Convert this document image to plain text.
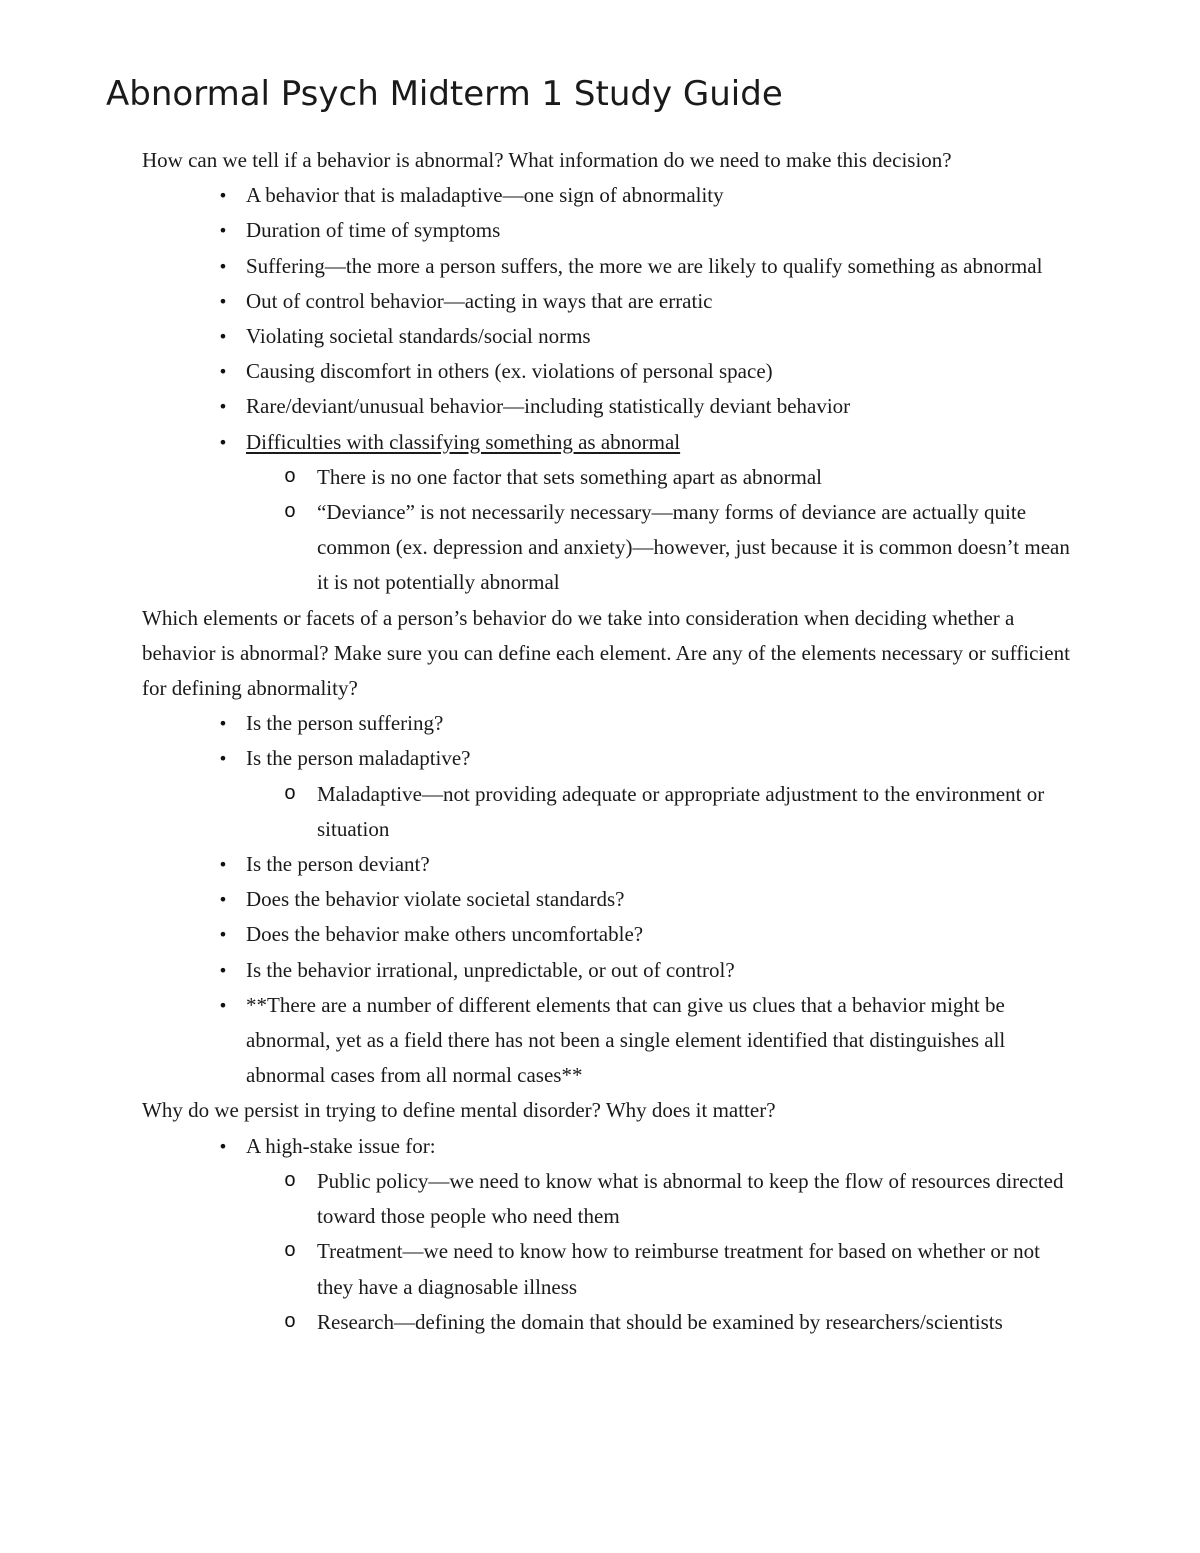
Abnormal Psych Midterm 1 Study Guide

How can we tell if a behavior is abnormal? What information do we need to make this decision?

• A behavior that is maladaptive—one sign of abnormality
• Duration of time of symptoms
• Suffering—the more a person suffers, the more we are likely to qualify something as abnormal
• Out of control behavior—acting in ways that are erratic
• Violating societal standards/social norms
• Causing discomfort in others (ex. violations of personal space)
• Rare/deviant/unusual behavior—including statistically deviant behavior
• Difficulties with classifying something as abnormal
o There is no one factor that sets something apart as abnormal
o “Deviance” is not necessarily necessary—many forms of deviance are actually quite common (ex. depression and anxiety)—however, just because it is common doesn’t mean it is not potentially abnormal

Which elements or facets of a person’s behavior do we take into consideration when deciding whether a behavior is abnormal? Make sure you can define each element. Are any of the elements necessary or sufficient for defining abnormality?

• Is the person suffering?
• Is the person maladaptive?
o Maladaptive—not providing adequate or appropriate adjustment to the environment or situation
• Is the person deviant?
• Does the behavior violate societal standards?
• Does the behavior make others uncomfortable?
• Is the behavior irrational, unpredictable, or out of control?
• **There are a number of different elements that can give us clues that a behavior might be abnormal, yet as a field there has not been a single element identified that distinguishes all abnormal cases from all normal cases**

Why do we persist in trying to define mental disorder? Why does it matter?

• A high-stake issue for:
o Public policy—we need to know what is abnormal to keep the flow of resources directed toward those people who need them
o Treatment—we need to know how to reimburse treatment for based on whether or not they have a diagnosable illness
o Research—defining the domain that should be examined by researchers/scientists
